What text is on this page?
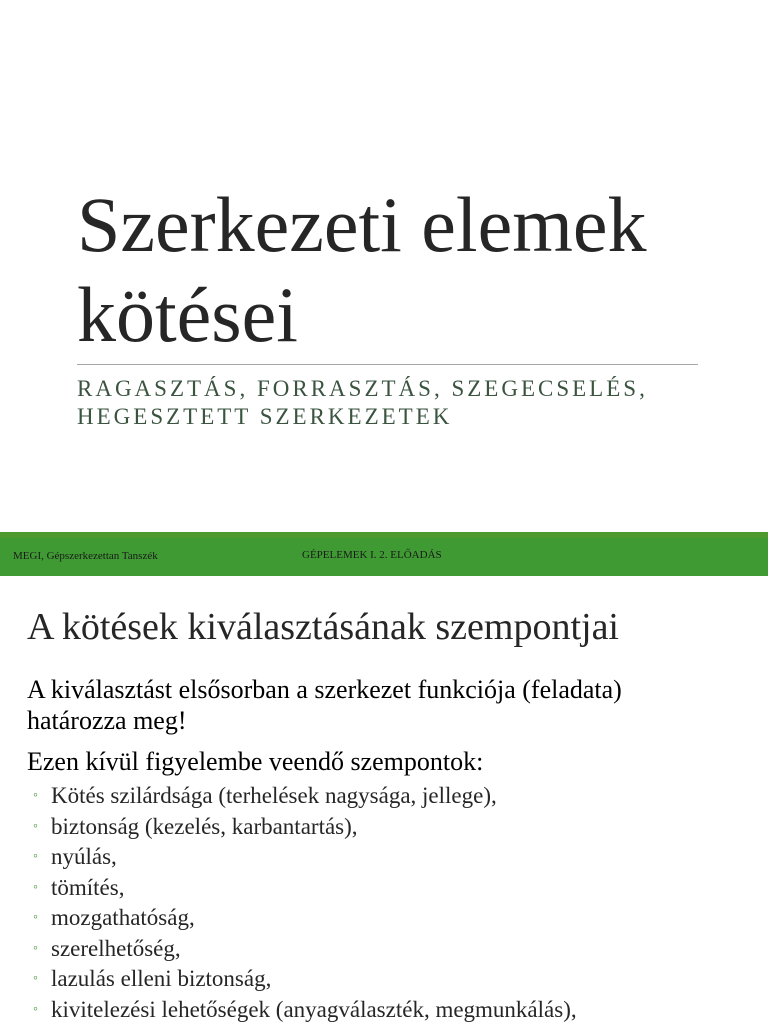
Szerkezeti elemek
kötései
RAGASZTÁS, FORRASZTÁS, SZEGECSELÉS,
HEGESZTETT SZERKEZETEK
MEGI, Gépszerkezettan Tanszék	GÉPELEMEK I. 2. ELŐADÁS
A kötések kiválasztásának szempontjai

A kiválasztást elsősorban a szerkezet funkciója (feladata)
határozza meg!

Ezen kívül figyelembe veendő szempontok:

◦ Kötés szilárdsága (terhelések nagysága, jellege),
◦ biztonság (kezelés, karbantartás),
◦ nyúlás,
◦ tömítés,
◦ mozgathatóság,
◦ szerelhetőség,
◦ lazulás elleni biztonság,
◦ kivitelezési lehetőségek (anyagválaszték, megmunkálás),
